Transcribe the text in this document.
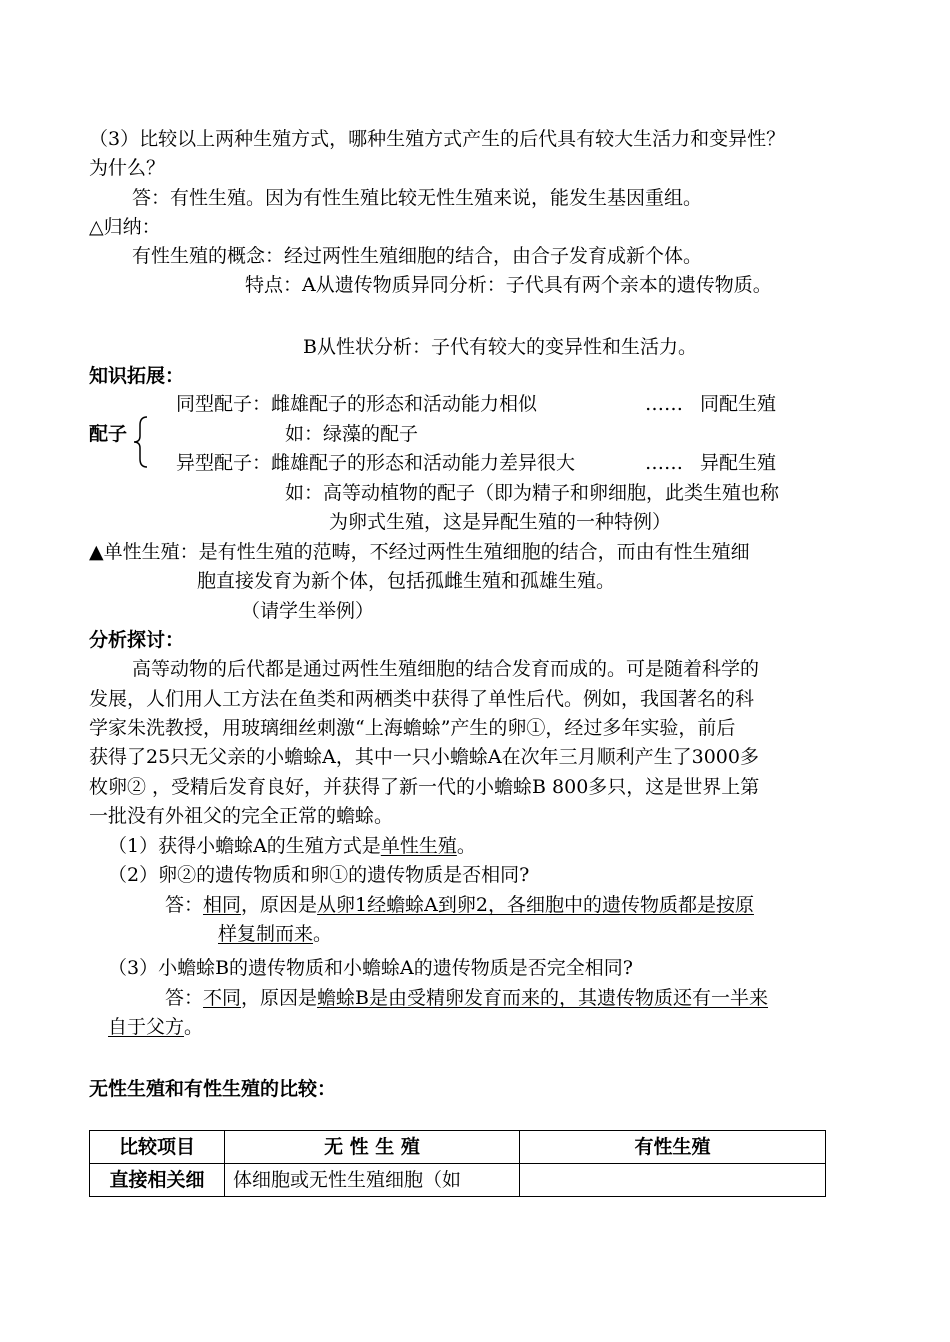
（3）比较以上两种生殖方式，哪种生殖方式产生的后代具有较大生活力和变异性？
为什么？
答：有性生殖。因为有性生殖比较无性生殖来说，能发生基因重组。
△归纳：
有性生殖的概念：经过两性生殖细胞的结合，由合子发育成新个体。
特点：A从遗传物质异同分析：子代具有两个亲本的遗传物质。
B从性状分析：子代有较大的变异性和生活力。
知识拓展：
同型配子：雌雄配子的形态和活动能力相似	…… 同配生殖
配子	如：绿藻的配子
异型配子：雌雄配子的形态和活动能力差异很大	…… 异配生殖
如：高等动植物的配子（即为精子和卵细胞，此类生殖也称
为卵式生殖，这是异配生殖的一种特例）
▲单性生殖：是有性生殖的范畴，不经过两性生殖细胞的结合，而由有性生殖细
胞直接发育为新个体，包括孤雌生殖和孤雄生殖。
（请学生举例）
分析探讨：
高等动物的后代都是通过两性生殖细胞的结合发育而成的。可是随着科学的
发展，人们用人工方法在鱼类和两栖类中获得了单性后代。例如，我国著名的科
学家朱洗教授，用玻璃细丝刺激“上海蟾蜍”产生的卵①，经过多年实验，前后
获得了25只无父亲的小蟾蜍A，其中一只小蟾蜍A在次年三月顺利产生了3000多
枚卵② ，受精后发育良好，并获得了新一代的小蟾蜍B 800多只，这是世界上第
一批没有外祖父的完全正常的蟾蜍。
（1）获得小蟾蜍A的生殖方式是单性生殖。
（2）卵②的遗传物质和卵①的遗传物质是否相同?
答：相同，原因是从卵1经蟾蜍A到卵2，各细胞中的遗传物质都是按原
样复制而来。
（3）小蟾蜍B的遗传物质和小蟾蜍A的遗传物质是否完全相同?
答：不同，原因是蟾蜍B是由受精卵发育而来的，其遗传物质还有一半来
自于父方。
无性生殖和有性生殖的比较：
比较项目	无 性 生 殖	有性生殖
直接相关细	体细胞或无性生殖细胞（如	
